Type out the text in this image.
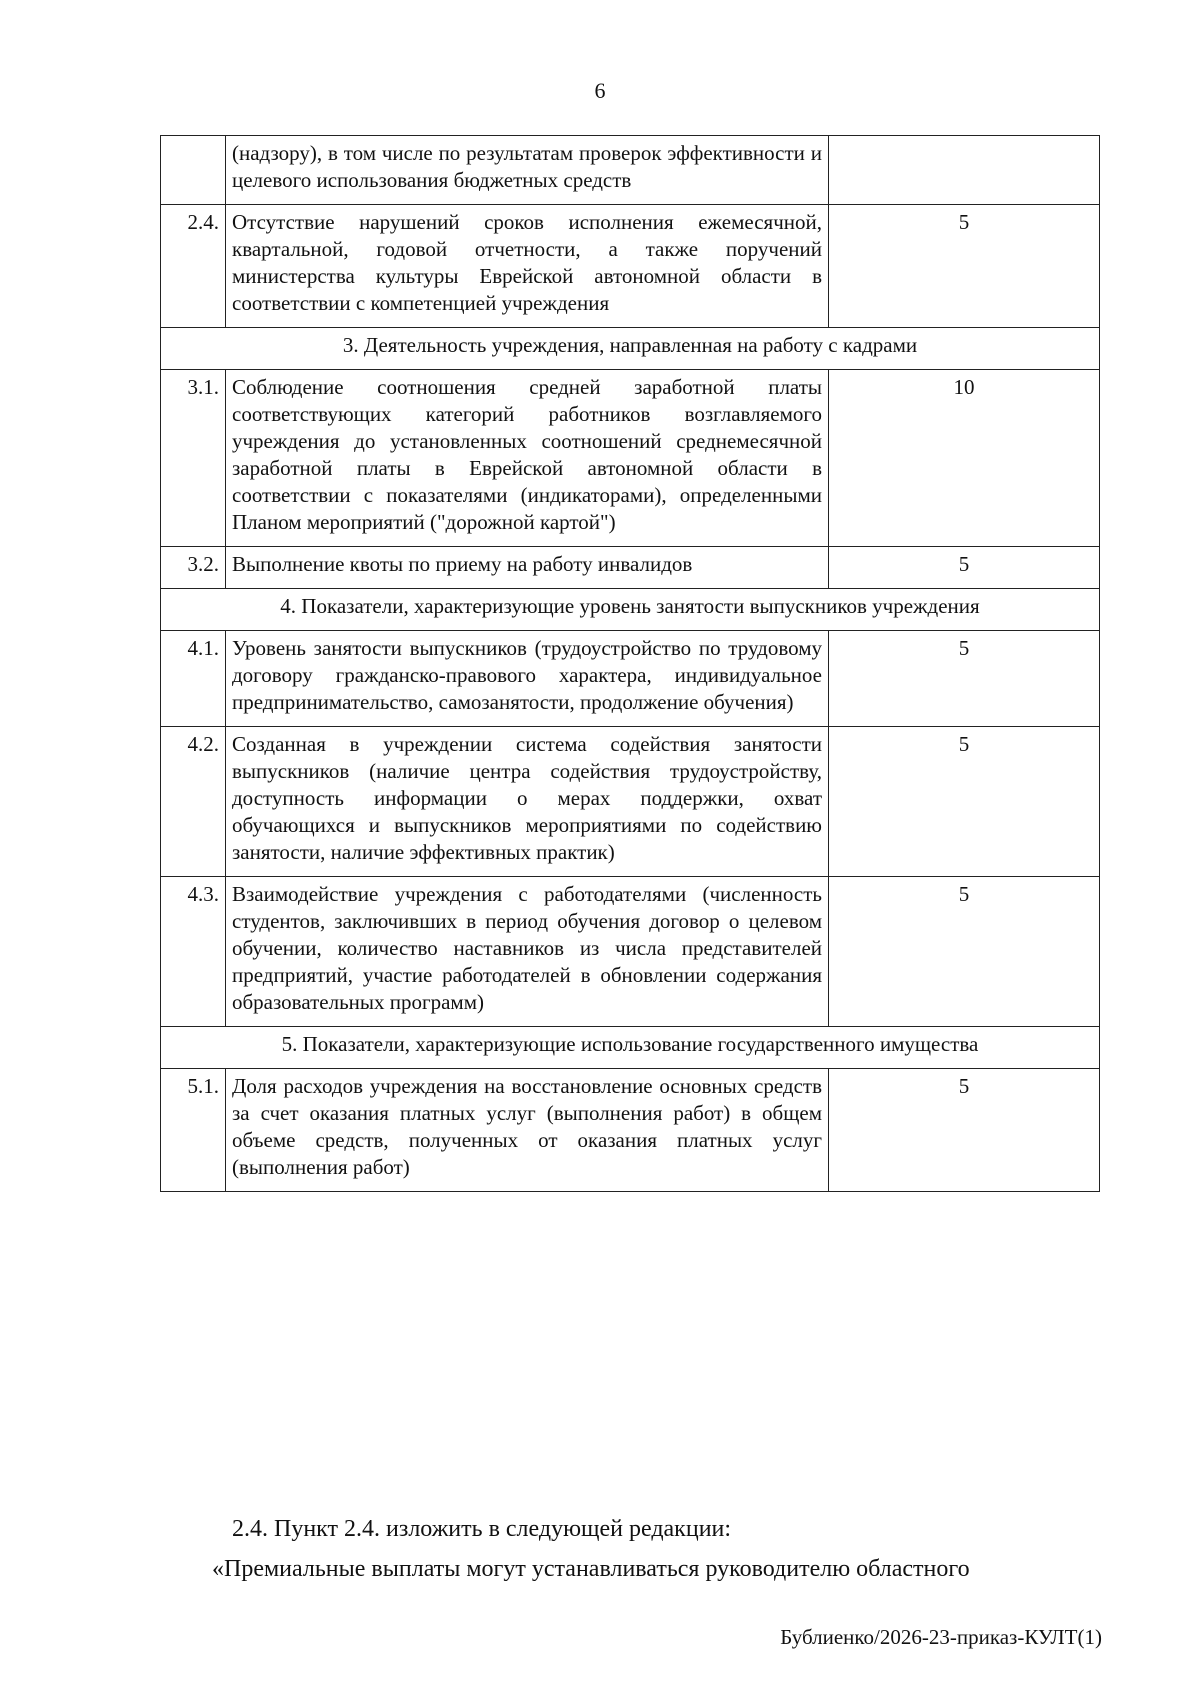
6
	(надзору), в том числе по результатам проверок эффективности и целевого использования бюджетных средств	
2.4.	Отсутствие нарушений сроков исполнения ежемесячной, квартальной, годовой отчетности, а также поручений министерства культуры Еврейской автономной области в соответствии с компетенцией учреждения	5
3. Деятельность учреждения, направленная на работу с кадрами		
3.1.	Соблюдение соотношения средней заработной платы соответствующих категорий работников возглавляемого учреждения до установленных соотношений среднемесячной заработной платы в Еврейской автономной области в соответствии с показателями (индикаторами), определенными Планом мероприятий ("дорожной картой")	10
3.2.	Выполнение квоты по приему на работу инвалидов	5
4. Показатели, характеризующие уровень занятости выпускников учреждения		
4.1.	Уровень занятости выпускников (трудоустройство по трудовому договору гражданско-правового характера, индивидуальное предпринимательство, самозанятости, продолжение обучения)	5
4.2.	Созданная в учреждении система содействия занятости выпускников (наличие центра содействия трудоустройству, доступность информации о мерах поддержки, охват обучающихся и выпускников мероприятиями по содействию занятости, наличие эффективных практик)	5
4.3.	Взаимодействие учреждения с работодателями (численность студентов, заключивших в период обучения договор о целевом обучении, количество наставников из числа представителей предприятий, участие работодателей в обновлении содержания образовательных программ)	5
5. Показатели, характеризующие использование государственного имущества		
5.1.	Доля расходов учреждения на восстановление основных средств за счет оказания платных услуг (выполнения работ) в общем объеме средств, полученных от оказания платных услуг (выполнения работ)	5
2.4. Пункт 2.4. изложить в следующей редакции:
«Премиальные выплаты могут устанавливаться руководителю областного
Бублиенко/2026-23-приказ-КУЛТ(1)
